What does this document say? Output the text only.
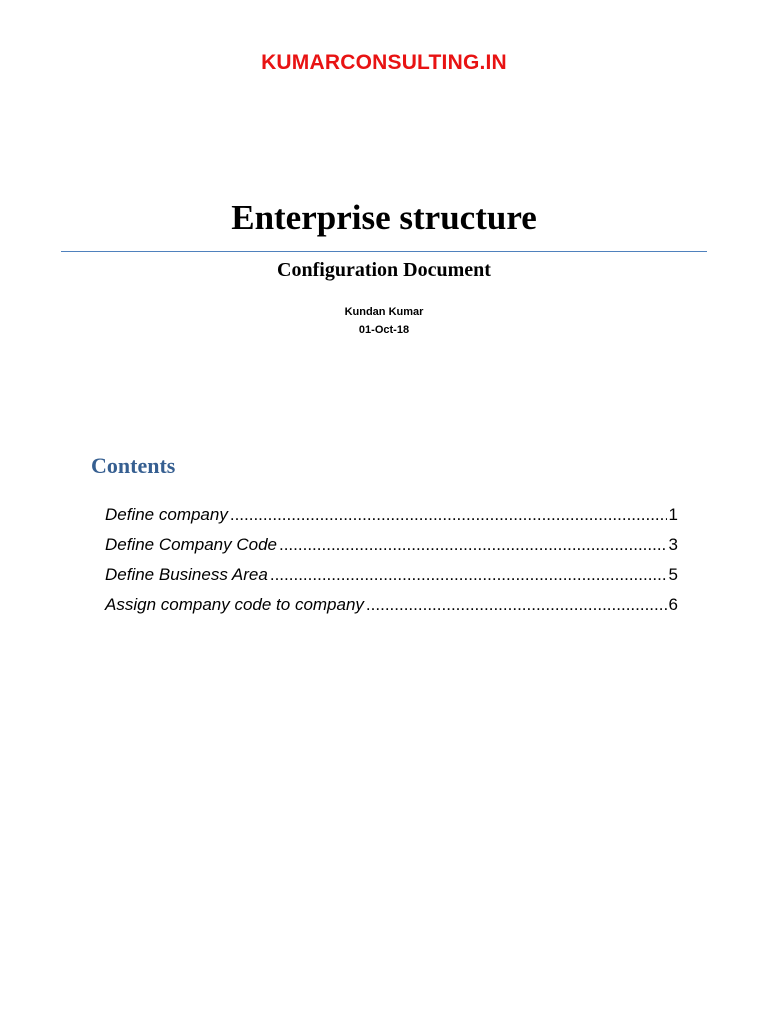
KUMARCONSULTING.IN
Enterprise structure
Configuration Document
Kundan Kumar
01-Oct-18
Contents
Define company .....	1
Define Company Code .....	3
Define Business Area .....	5
Assign company code to company .....	6
